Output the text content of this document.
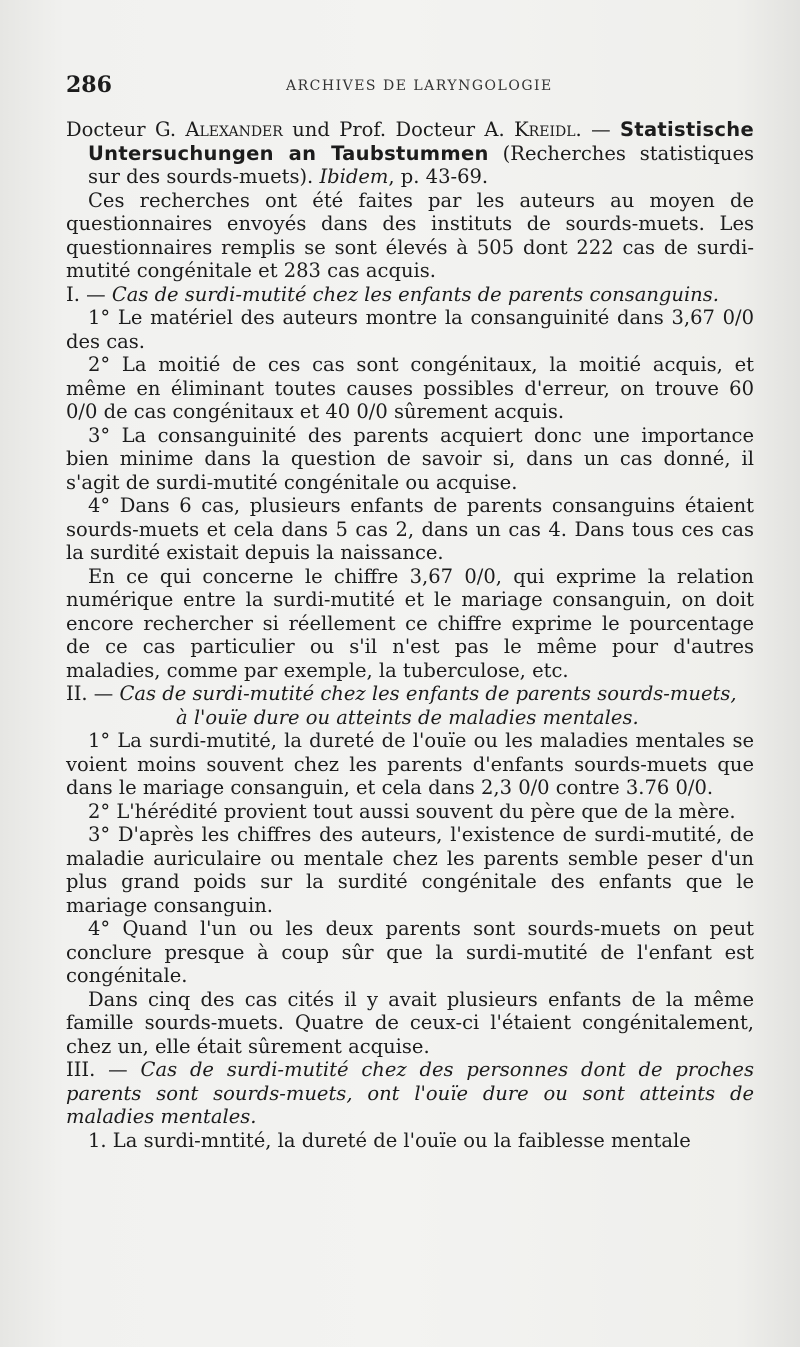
286	ARCHIVES DE LARYNGOLOGIE

Docteur G. Alexander und Prof. Docteur A. Kreidl. — Statistische Untersuchungen an Taubstummen (Recherches statistiques sur des sourds-muets). Ibidem, p. 43-69.

Ces recherches ont été faites par les auteurs au moyen de questionnaires envoyés dans des instituts de sourds-muets. Les questionnaires remplis se sont élevés à 505 dont 222 cas de surdi-mutité congénitale et 283 cas acquis.

I. — Cas de surdi-mutité chez les enfants de parents consanguins.

1° Le matériel des auteurs montre la consanguinité dans 3,67 0/0 des cas.

2° La moitié de ces cas sont congénitaux, la moitié acquis, et même en éliminant toutes causes possibles d'erreur, on trouve 60 0/0 de cas congénitaux et 40 0/0 sûrement acquis.

3° La consanguinité des parents acquiert donc une importance bien minime dans la question de savoir si, dans un cas donné, il s'agit de surdi-mutité congénitale ou acquise.

4° Dans 6 cas, plusieurs enfants de parents consanguins étaient sourds-muets et cela dans 5 cas 2, dans un cas 4. Dans tous ces cas la surdité existait depuis la naissance.

En ce qui concerne le chiffre 3,67 0/0, qui exprime la relation numérique entre la surdi-mutité et le mariage consanguin, on doit encore rechercher si réellement ce chiffre exprime le pourcentage de ce cas particulier ou s'il n'est pas le même pour d'autres maladies, comme par exemple, la tuberculose, etc.

II. — Cas de surdi-mutité chez les enfants de parents sourds-muets,

à l'ouïe dure ou atteints de maladies mentales.

1° La surdi-mutité, la dureté de l'ouïe ou les maladies mentales se voient moins souvent chez les parents d'enfants sourds-muets que dans le mariage consanguin, et cela dans 2,3 0/0 contre 3.76 0/0.

2° L'hérédité provient tout aussi souvent du père que de la mère.

3° D'après les chiffres des auteurs, l'existence de surdi-mutité, de maladie auriculaire ou mentale chez les parents semble peser d'un plus grand poids sur la surdité congénitale des enfants que le mariage consanguin.

4° Quand l'un ou les deux parents sont sourds-muets on peut conclure presque à coup sûr que la surdi-mutité de l'enfant est congénitale.

Dans cinq des cas cités il y avait plusieurs enfants de la même famille sourds-muets. Quatre de ceux-ci l'étaient congénitalement, chez un, elle était sûrement acquise.

III. — Cas de surdi-mutité chez des personnes dont de proches parents sont sourds-muets, ont l'ouïe dure ou sont atteints de maladies mentales.

1. La surdi-mntité, la dureté de l'ouïe ou la faiblesse mentale
